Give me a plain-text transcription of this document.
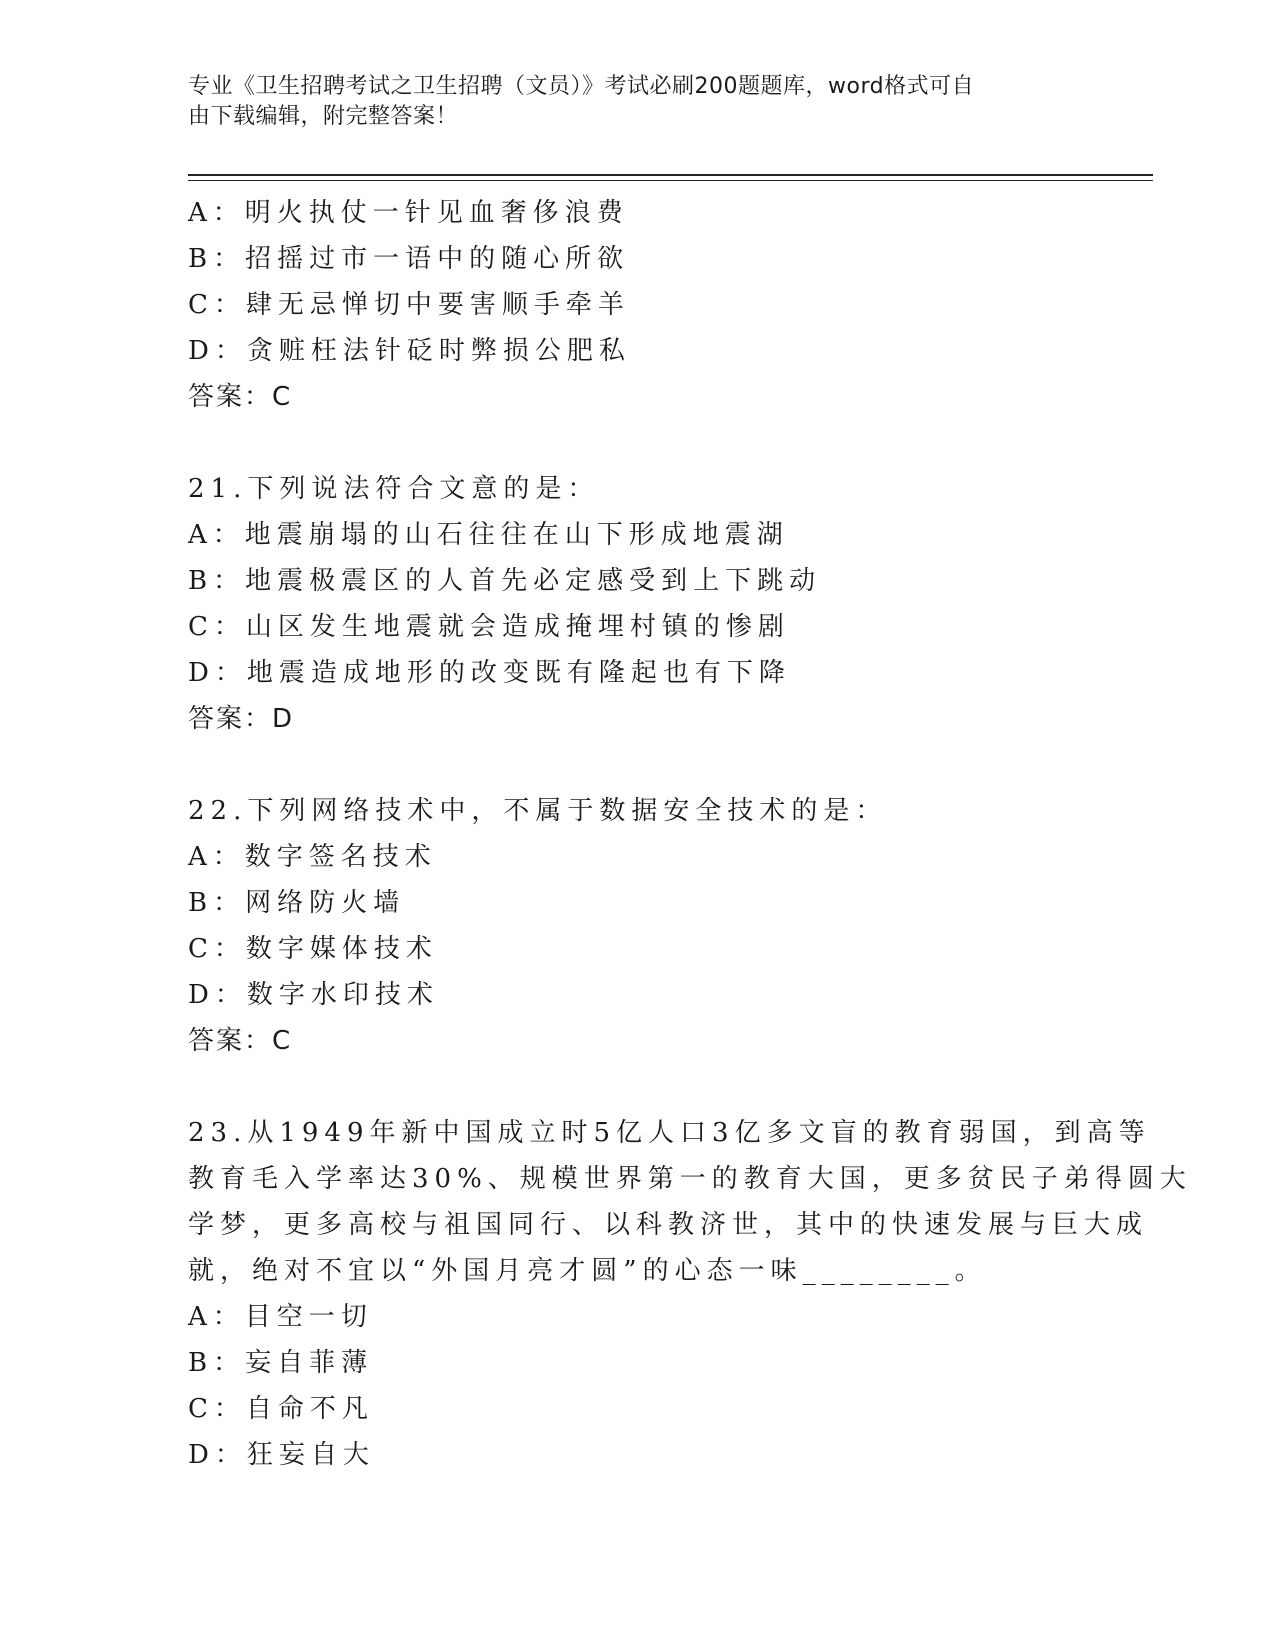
专业《卫生招聘考试之卫生招聘（文员）》考试必刷200题题库，word格式可自
由下载编辑，附完整答案！
A：明火执仗一针见血奢侈浪费
B：招摇过市一语中的随心所欲
C：肆无忌惮切中要害顺手牵羊
D：贪赃枉法针砭时弊损公肥私
答案：C
21.下列说法符合文意的是：
A：地震崩塌的山石往往在山下形成地震湖
B：地震极震区的人首先必定感受到上下跳动
C：山区发生地震就会造成掩埋村镇的惨剧
D：地震造成地形的改变既有隆起也有下降
答案：D
22.下列网络技术中，不属于数据安全技术的是：
A：数字签名技术
B：网络防火墙
C：数字媒体技术
D：数字水印技术
答案：C
23.从1949年新中国成立时5亿人口3亿多文盲的教育弱国，到高等
教育毛入学率达30%、规模世界第一的教育大国，更多贫民子弟得圆大
学梦，更多高校与祖国同行、以科教济世，其中的快速发展与巨大成
就，绝对不宜以“外国月亮才圆”的心态一味________。
A：目空一切
B：妄自菲薄
C：自命不凡
D：狂妄自大
